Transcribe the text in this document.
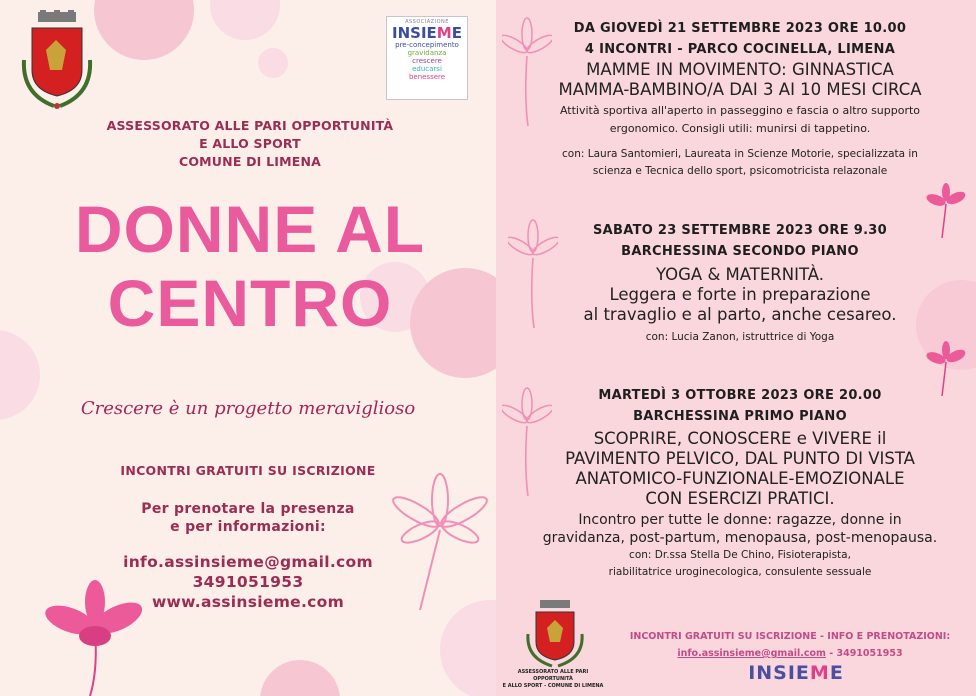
ASSOCIAZIONE
INSIEME
pre-concepimento
gravidanza
crescere
educarsi
benessere
ASSESSORATO ALLE PARI OPPORTUNITÀ
E ALLO SPORT
COMUNE DI LIMENA
DONNE AL
CENTRO
Crescere è un progetto meraviglioso
INCONTRI GRATUITI SU ISCRIZIONE
Per prenotare la presenza
e per informazioni:
info.assinsieme@gmail.com
3491051953
www.assinsieme.com
DA GIOVEDÌ 21 SETTEMBRE 2023 ORE 10.00
4 INCONTRI - PARCO COCINELLA, LIMENA
MAMME IN MOVIMENTO: GINNASTICA
MAMMA-BAMBINO/A DAI 3 AI 10 MESI CIRCA
Attività sportiva all'aperto in passeggino e fascia o altro supporto
ergonomico. Consigli utili: munirsi di tappetino.
con: Laura Santomieri, Laureata in Scienze Motorie, specializzata in
scienza e Tecnica dello sport, psicomotricista relazonale
SABATO 23 SETTEMBRE 2023 ORE 9.30
BARCHESSINA SECONDO PIANO
YOGA & MATERNITÀ.
Leggera e forte in preparazione
al travaglio e al parto, anche cesareo.
con: Lucia Zanon, istruttrice di Yoga
MARTEDÌ 3 OTTOBRE 2023 ORE 20.00
BARCHESSINA PRIMO PIANO
SCOPRIRE, CONOSCERE e VIVERE il
PAVIMENTO PELVICO, DAL PUNTO DI VISTA
ANATOMICO-FUNZIONALE-EMOZIONALE
CON ESERCIZI PRATICI.
Incontro per tutte le donne: ragazze, donne in
gravidanza, post-partum, menopausa, post-menopausa.
con: Dr.ssa Stella De Chino, Fisioterapista,
riabilitatrice uroginecologica, consulente sessuale
ASSESSORATO ALLE PARI OPPORTUNITÀ
E ALLO SPORT - COMUNE DI LIMENA
INCONTRI GRATUITI SU ISCRIZIONE - INFO E PRENOTAZIONI:
info.assinsieme@gmail.com - 3491051953
INSIEME
